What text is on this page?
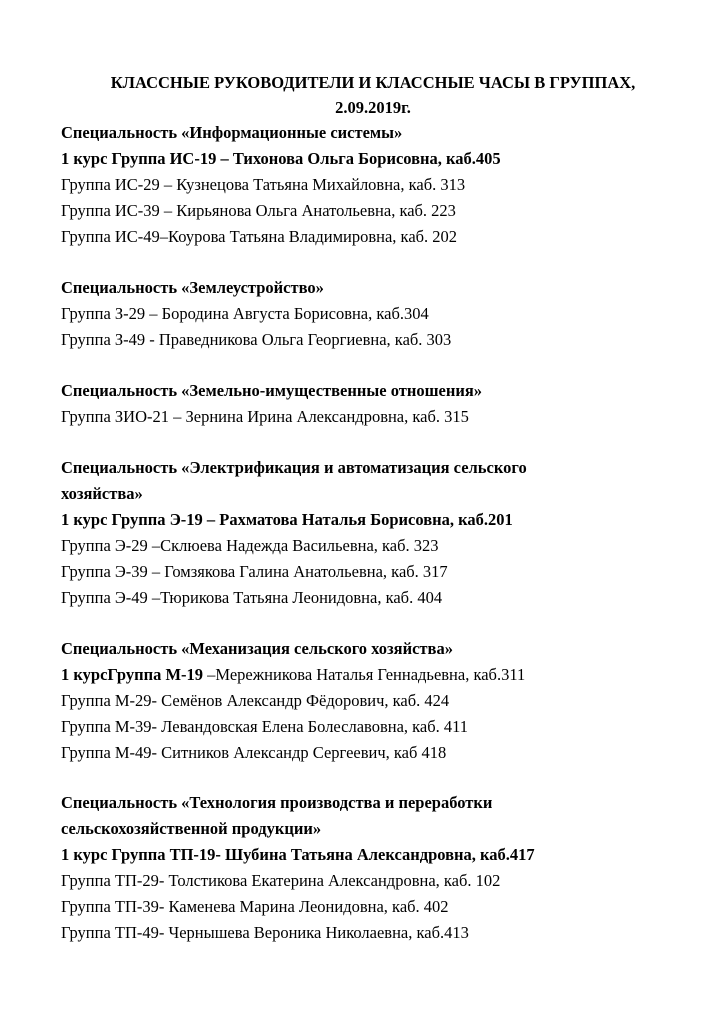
КЛАССНЫЕ РУКОВОДИТЕЛИ И КЛАССНЫЕ ЧАСЫ В ГРУППАХ,
2.09.2019г.
Специальность «Информационные системы»
1 курс Группа ИС-19 – Тихонова Ольга Борисовна, каб.405
Группа ИС-29 – Кузнецова Татьяна Михайловна, каб. 313
Группа ИС-39 – Кирьянова Ольга Анатольевна, каб. 223
Группа ИС-49–Коурова Татьяна Владимировна, каб. 202
Специальность «Землеустройство»
Группа З-29 – Бородина Августа Борисовна, каб.304
Группа З-49 - Праведникова Ольга Георгиевна, каб. 303
Специальность «Земельно-имущественные отношения»
Группа ЗИО-21 – Зернина Ирина Александровна, каб. 315
Специальность «Электрификация и автоматизация сельского
хозяйства»
1 курс Группа Э-19 – Рахматова Наталья Борисовна, каб.201
Группа Э-29 –Склюева Надежда Васильевна, каб. 323
Группа Э-39 – Гомзякова Галина Анатольевна, каб. 317
Группа Э-49 –Тюрикова Татьяна Леонидовна, каб. 404
Специальность «Механизация сельского хозяйства»
1 курсГруппа М-19 –Мережникова Наталья Геннадьевна, каб.311
Группа М-29- Семёнов Александр Фёдорович, каб. 424
Группа М-39- Левандовская Елена Болеславовна, каб. 411
Группа М-49- Ситников Александр Сергеевич, каб 418
Специальность «Технология производства и переработки
сельскохозяйственной продукции»
1 курс Группа ТП-19- Шубина Татьяна Александровна, каб.417
Группа ТП-29- Толстикова Екатерина Александровна, каб. 102
Группа ТП-39- Каменева Марина Леонидовна, каб. 402
Группа ТП-49- Чернышева Вероника Николаевна, каб.413
